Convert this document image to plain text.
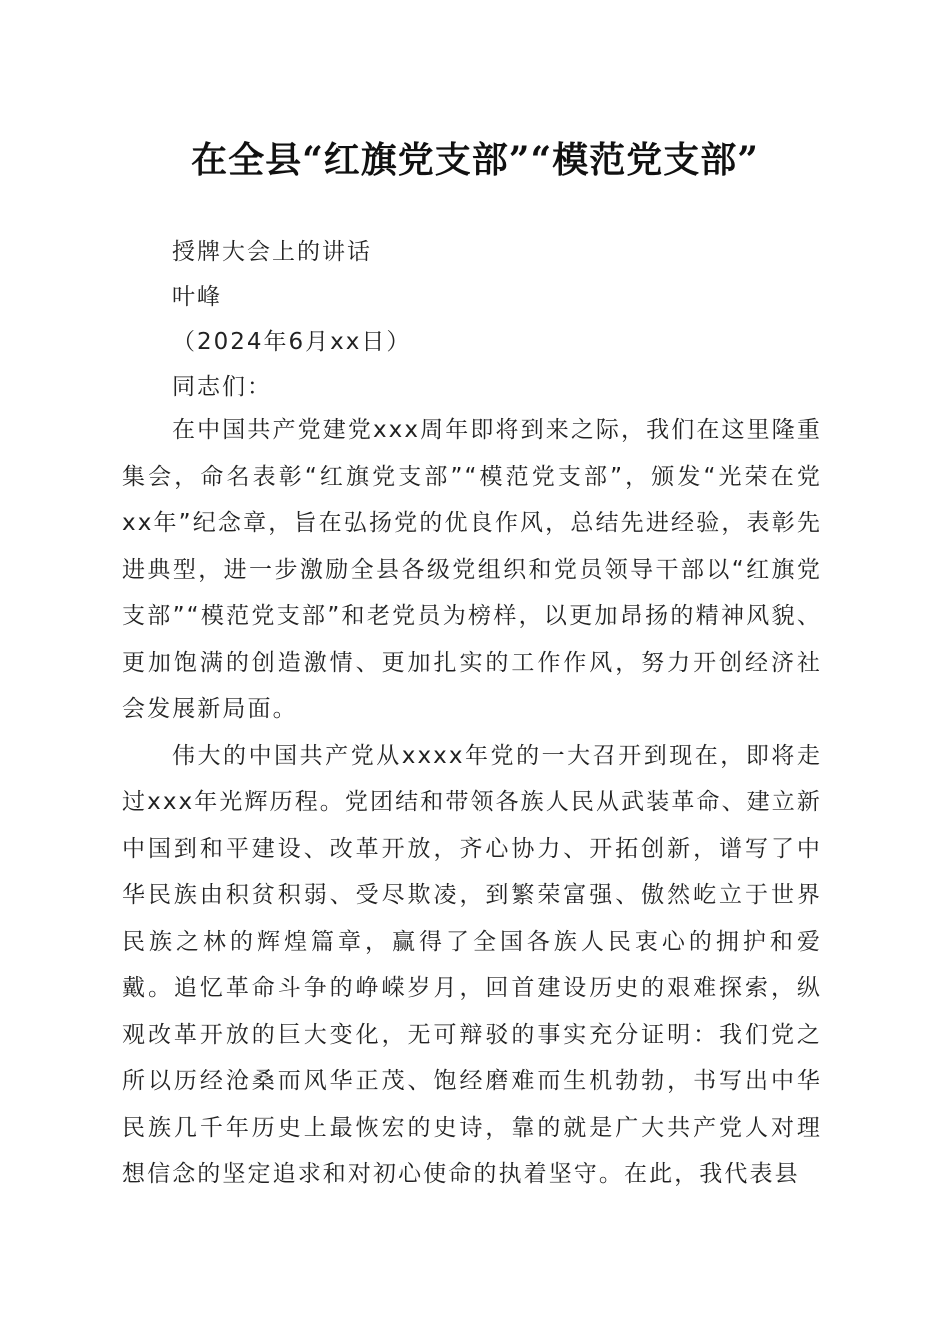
在全县“红旗党支部”“模范党支部”

授牌大会上的讲话

叶峰

（2024年6月xx日）

同志们：

在中国共产党建党xxx周年即将到来之际，我们在这里隆重集会，命名表彰“红旗党支部”“模范党支部”，颁发“光荣在党xx年”纪念章，旨在弘扬党的优良作风，总结先进经验，表彰先进典型，进一步激励全县各级党组织和党员领导干部以“红旗党支部”“模范党支部”和老党员为榜样，以更加昂扬的精神风貌、更加饱满的创造激情、更加扎实的工作作风，努力开创经济社会发展新局面。

伟大的中国共产党从xxxx年党的一大召开到现在，即将走过xxx年光辉历程。党团结和带领各族人民从武装革命、建立新中国到和平建设、改革开放，齐心协力、开拓创新，谱写了中华民族由积贫积弱、受尽欺凌，到繁荣富强、傲然屹立于世界民族之林的辉煌篇章，赢得了全国各族人民衷心的拥护和爱戴。追忆革命斗争的峥嵘岁月，回首建设历史的艰难探索，纵观改革开放的巨大变化，无可辩驳的事实充分证明：我们党之所以历经沧桑而风华正茂、饱经磨难而生机勃勃，书写出中华民族几千年历史上最恢宏的史诗，靠的就是广大共产党人对理想信念的坚定追求和对初心使命的执着坚守。在此，我代表县
